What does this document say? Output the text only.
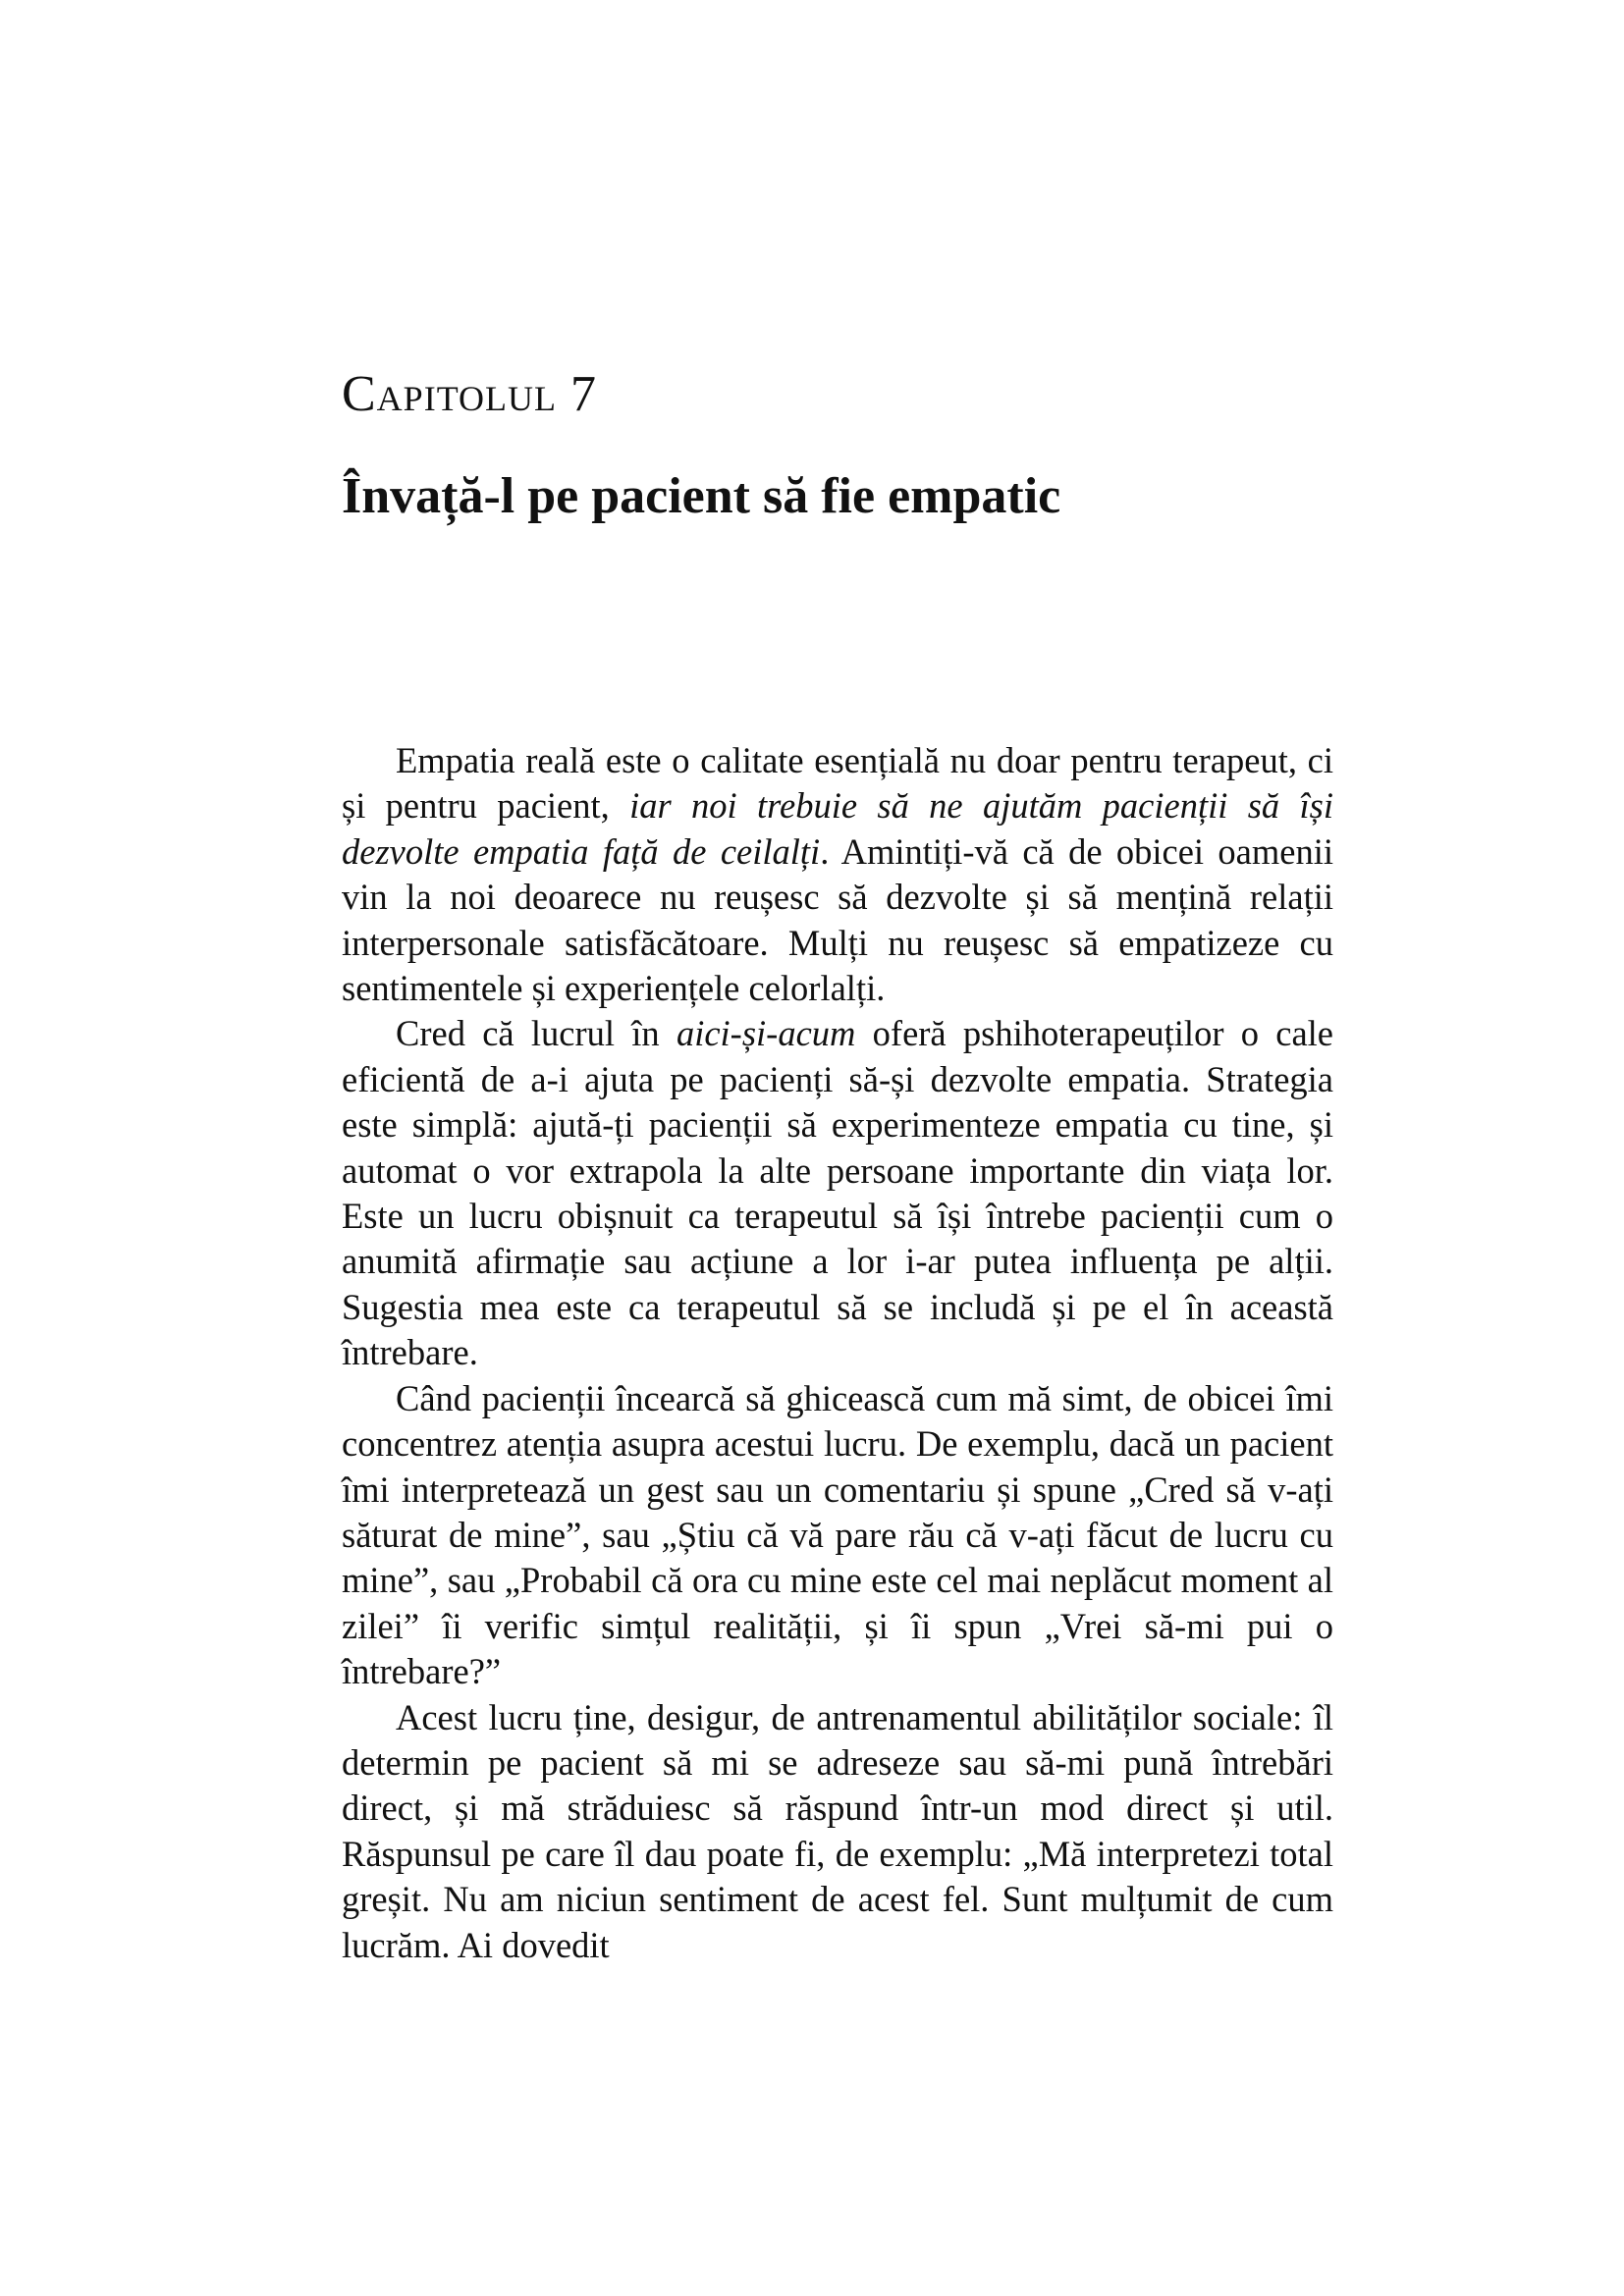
Capitolul 7
Învață-l pe pacient să fie empatic

Empatia reală este o calitate esențială nu doar pentru terapeut, ci și pentru pacient, iar noi trebuie să ne ajutăm pacienții să își dezvolte empatia față de ceilalți. Amintiți-vă că de obicei oamenii vin la noi deoarece nu reușesc să dezvolte și să mențină relații interpersonale satisfăcătoare. Mulți nu reușesc să empatizeze cu sentimentele și experiențele celorlalți.

Cred că lucrul în aici-și-acum oferă pshihoterapeuților o cale eficientă de a-i ajuta pe pacienți să-și dezvolte empatia. Strategia este simplă: ajută-ți pacienții să experimenteze empatia cu tine, și automat o vor extrapola la alte persoane importante din viața lor. Este un lucru obișnuit ca terapeutul să își întrebe pacienții cum o anumită afirmație sau acțiune a lor i-ar putea influența pe alții. Sugestia mea este ca terapeutul să se includă și pe el în această întrebare.

Când pacienții încearcă să ghicească cum mă simt, de obicei îmi concentrez atenția asupra acestui lucru. De exemplu, dacă un pacient îmi interpretează un gest sau un comentariu și spune „Cred să v-ați săturat de mine”, sau „Știu că vă pare rău că v-ați făcut de lucru cu mine”, sau „Probabil că ora cu mine este cel mai neplăcut moment al zilei” îi verific simțul realității, și îi spun „Vrei să-mi pui o întrebare?”

Acest lucru ține, desigur, de antrenamentul abilităților sociale: îl determin pe pacient să mi se adreseze sau să-mi pună întrebări direct, și mă străduiesc să răspund într-un mod direct și util. Răspunsul pe care îl dau poate fi, de exemplu: „Mă interpretezi total greșit. Nu am niciun sentiment de acest fel. Sunt mulțumit de cum lucrăm. Ai dovedit
